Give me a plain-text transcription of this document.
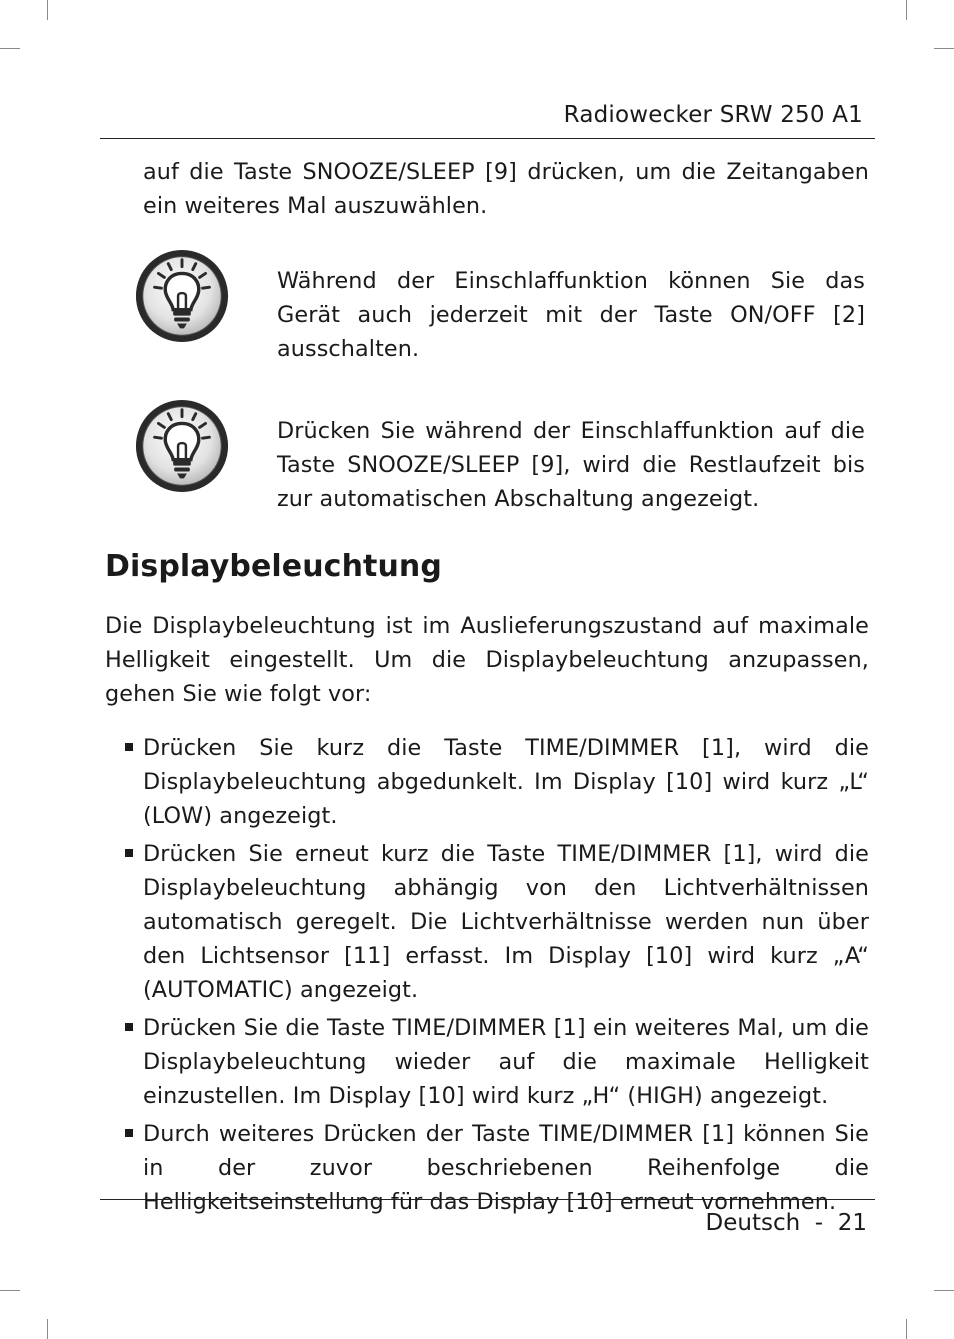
Radiowecker SRW 250 A1
auf die Taste SNOOZE/SLEEP [9] drücken, um die Zeitangaben ein weiteres Mal auszuwählen.
Während der Einschlaffunktion können Sie das Gerät auch jederzeit mit der Taste ON/OFF [2] ausschalten.
Drücken Sie während der Einschlaffunktion auf die Taste SNOOZE/SLEEP [9], wird die Restlaufzeit bis zur automatischen Abschaltung angezeigt.
Displaybeleuchtung
Die Displaybeleuchtung ist im Auslieferungszustand auf maximale Helligkeit eingestellt. Um die Displaybeleuchtung anzupassen, gehen Sie wie folgt vor:
Drücken Sie kurz die Taste TIME/DIMMER [1], wird die Displaybeleuchtung abgedunkelt. Im Display [10] wird kurz „L“ (LOW) angezeigt.
Drücken Sie erneut kurz die Taste TIME/DIMMER [1], wird die Displaybeleuchtung abhängig von den Lichtverhältnissen automatisch geregelt. Die Lichtverhältnisse werden nun über den Lichtsensor [11] erfasst. Im Display [10] wird kurz „A“ (AUTOMATIC) angezeigt.
Drücken Sie die Taste TIME/DIMMER [1] ein weiteres Mal, um die Displaybeleuchtung wieder auf die maximale Helligkeit einzustellen. Im Display [10] wird kurz „H“ (HIGH) angezeigt.
Durch weiteres Drücken der Taste TIME/DIMMER [1] können Sie in der zuvor beschriebenen Reihenfolge die Helligkeitseinstellung für das Display [10] erneut vornehmen.
Deutsch  -  21
